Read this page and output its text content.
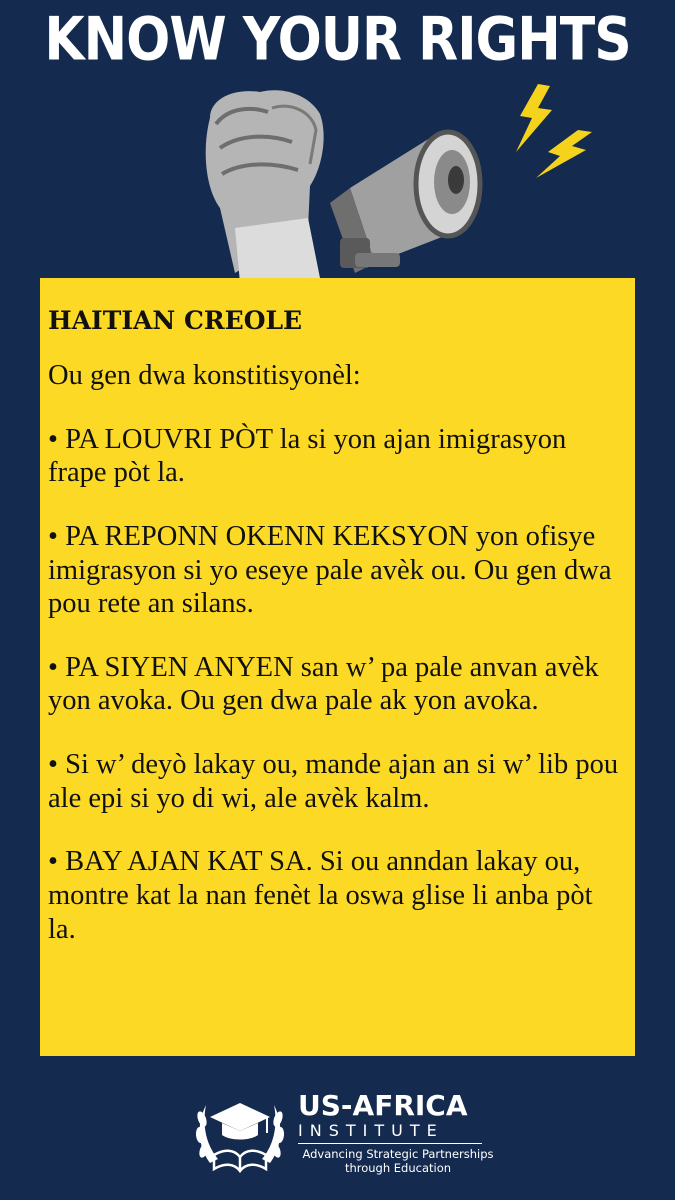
KNOW YOUR RIGHTS
HAITIAN CREOLE

Ou gen dwa konstitisyonèl:

• PA LOUVRI PÒT la si yon ajan imigrasyon frape pòt la.

• PA REPONN OKENN KEKSYON yon ofisye imigrasyon si yo eseye pale avèk ou. Ou gen dwa pou rete an silans.

• PA SIYEN ANYEN san w’ pa pale anvan avèk yon avoka. Ou gen dwa pale ak yon avoka.

• Si w’ deyò lakay ou, mande ajan an si w’ lib pou ale epi si yo di wi, ale avèk kalm.

• BAY AJAN KAT SA. Si ou anndan lakay ou, montre kat la nan fenèt la oswa glise li anba pòt la.

US-AFRICA
INSTITUTE
Advancing Strategic Partnerships
through Education
